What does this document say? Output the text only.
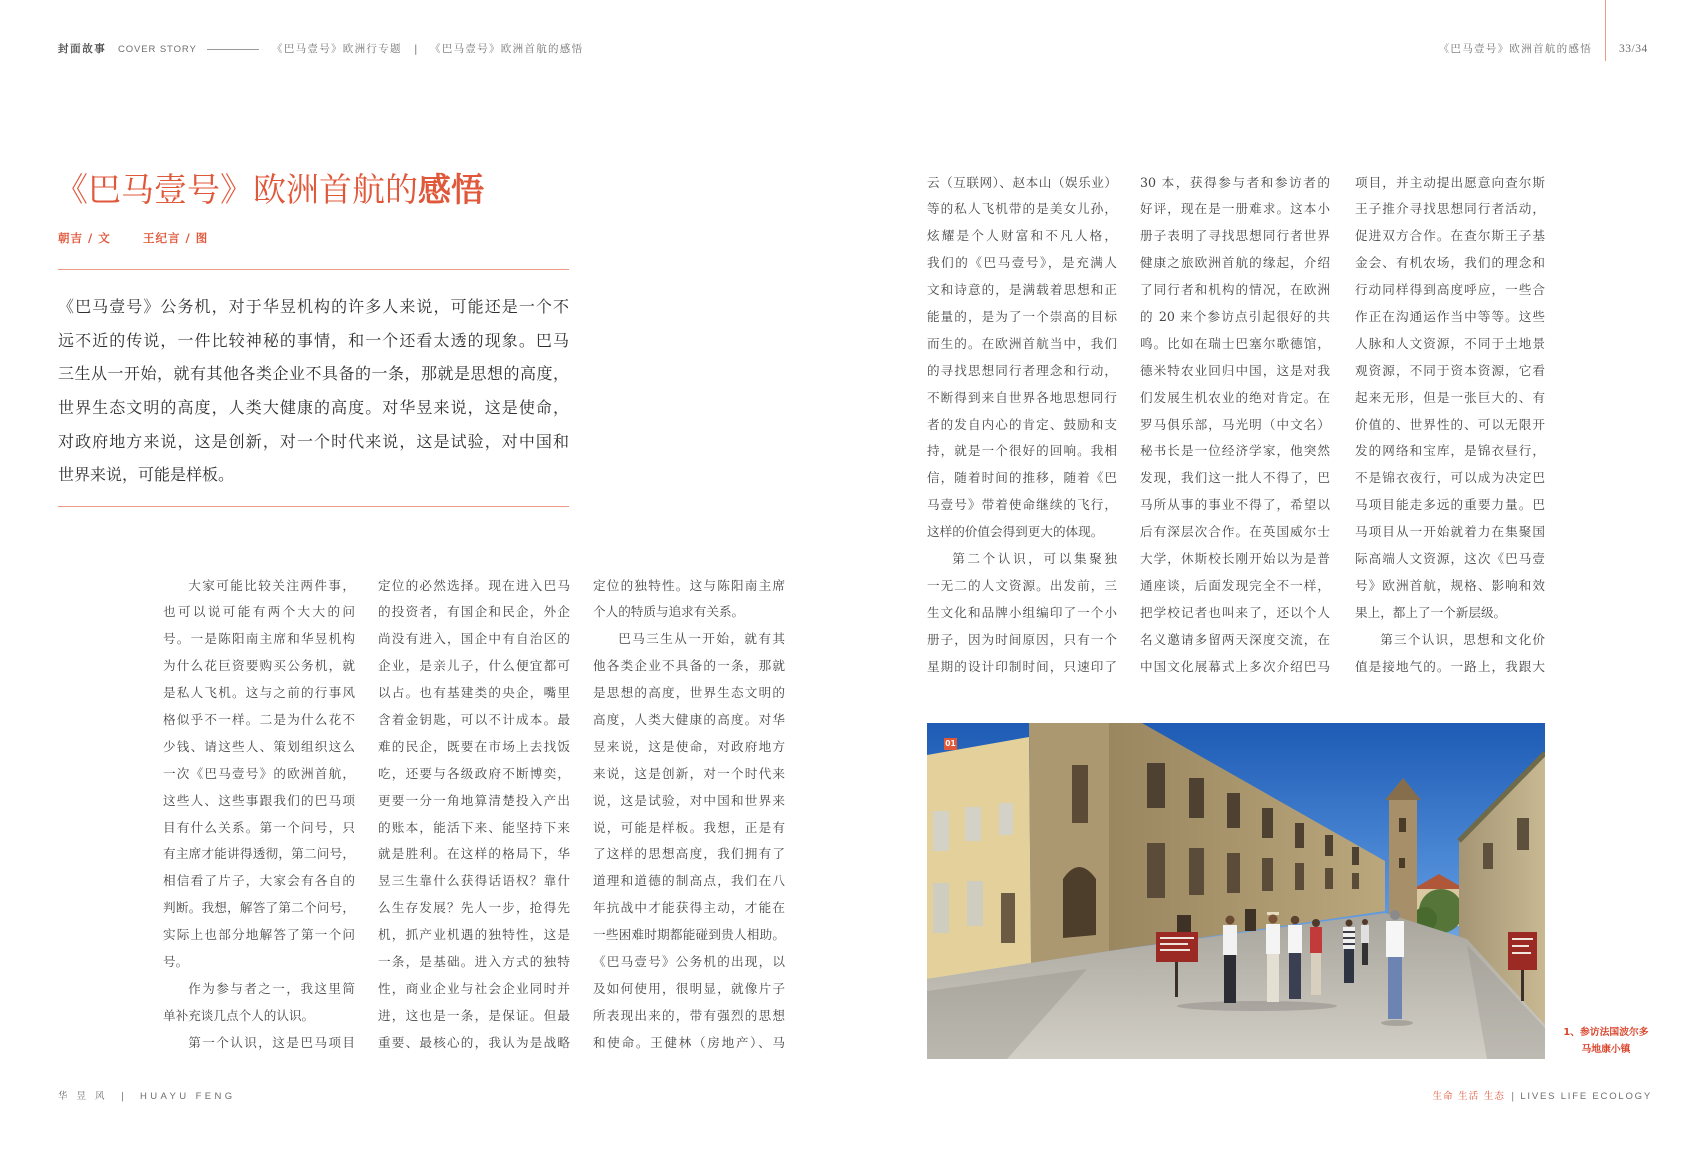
封面故事 COVER STORY	《巴马壹号》欧洲行专题 | 《巴马壹号》欧洲首航的感悟	《巴马壹号》欧洲首航的感悟 33/34
《巴马壹号》欧洲首航的感悟
朝吉 / 文	王纪言 / 图
《巴马壹号》公务机，对于华昱机构的许多人来说，可能还是一个不
远不近的传说，一件比较神秘的事情，和一个还看太透的现象。巴马
三生从一开始，就有其他各类企业不具备的一条，那就是思想的高度，
世界生态文明的高度，人类大健康的高度。对华昱来说，这是使命，
对政府地方来说，这是创新，对一个时代来说，这是试验，对中国和
世界来说，可能是样板。
大家可能比较关注两件事，
也可以说可能有两个大大的问
号。一是陈阳南主席和华昱机构
为什么花巨资要购买公务机，就
是私人飞机。这与之前的行事风
格似乎不一样。二是为什么花不
少钱、请这些人、策划组织这么
一次《巴马壹号》的欧洲首航，
这些人、这些事跟我们的巴马项
目有什么关系。第一个问号，只
有主席才能讲得透彻，第二问号，
相信看了片子，大家会有各自的
判断。我想，解答了第二个问号，
实际上也部分地解答了第一个问
号。
作为参与者之一，我这里简
单补充谈几点个人的认识。
第一个认识，这是巴马项目
定位的必然选择。现在进入巴马
的投资者，有国企和民企，外企
尚没有进入，国企中有自治区的
企业，是亲儿子，什么便宜都可
以占。也有基建类的央企，嘴里
含着金钥匙，可以不计成本。最
难的民企，既要在市场上去找饭
吃，还要与各级政府不断博奕，
更要一分一角地算清楚投入产出
的账本，能活下来、能坚持下来
就是胜利。在这样的格局下，华
昱三生靠什么获得话语权？靠什
么生存发展？先人一步，抢得先
机，抓产业机遇的独特性，这是
一条，是基础。进入方式的独特
性，商业企业与社会企业同时并
进，这也是一条，是保证。但最
重要、最核心的，我认为是战略
定位的独特性。这与陈阳南主席
个人的特质与追求有关系。
巴马三生从一开始，就有其
他各类企业不具备的一条，那就
是思想的高度，世界生态文明的
高度，人类大健康的高度。对华
昱来说，这是使命，对政府地方
来说，这是创新，对一个时代来
说，这是试验，对中国和世界来
说，可能是样板。我想，正是有
了这样的思想高度，我们拥有了
道理和道德的制高点，我们在八
年抗战中才能获得主动，才能在
一些困难时期都能碰到贵人相助。
《巴马壹号》公务机的出现，以
及如何使用，很明显，就像片子
所表现出来的，带有强烈的思想
和使命。王健林（房地产）、马
云（互联网）、赵本山（娱乐业）
等的私人飞机带的是美女儿孙，
炫耀是个人财富和不凡人格，
我们的《巴马壹号》，是充满人
文和诗意的，是满载着思想和正
能量的，是为了一个崇高的目标
而生的。在欧洲首航当中，我们
的寻找思想同行者理念和行动，
不断得到来自世界各地思想同行
者的发自内心的肯定、鼓励和支
持，就是一个很好的回响。我相
信，随着时间的推移，随着《巴
马壹号》带着使命继续的飞行，
这样的价值会得到更大的体现。
第二个认识，可以集聚独
一无二的人文资源。出发前，三
生文化和品牌小组编印了一个小
册子，因为时间原因，只有一个
星期的设计印制时间，只速印了
30 本，获得参与者和参访者的
好评，现在是一册难求。这本小
册子表明了寻找思想同行者世界
健康之旅欧洲首航的缘起，介绍
了同行者和机构的情况，在欧洲
的 20 来个参访点引起很好的共
鸣。比如在瑞士巴塞尔歌德馆，
德米特农业回归中国，这是对我
们发展生机农业的绝对肯定。在
罗马俱乐部，马光明（中文名）
秘书长是一位经济学家，他突然
发现，我们这一批人不得了，巴
马所从事的事业不得了，希望以
后有深层次合作。在英国威尔士
大学，休斯校长刚开始以为是普
通座谈，后面发现完全不一样，
把学校记者也叫来了，还以个人
名义邀请多留两天深度交流，在
中国文化展幕式上多次介绍巴马
项目，并主动提出愿意向查尔斯
王子推介寻找思想同行者活动，
促进双方合作。在查尔斯王子基
金会、有机农场，我们的理念和
行动同样得到高度呼应，一些合
作正在沟通运作当中等等。这些
人脉和人文资源，不同于土地景
观资源，不同于资本资源，它看
起来无形，但是一张巨大的、有
价值的、世界性的、可以无限开
发的网络和宝库，是锦衣昼行，
不是锦衣夜行，可以成为决定巴
马项目能走多远的重要力量。巴
马项目从一开始就着力在集聚国
际高端人文资源，这次《巴马壹
号》欧洲首航，规格、影响和效
果上，都上了一个新层级。
第三个认识，思想和文化价
值是接地气的。一路上，我跟大
01
1、参访法国波尔多
马地康小镇
华昱风 | HUAYU FENG	生命 生活 生态 | LIVES LIFE ECOLOGY
